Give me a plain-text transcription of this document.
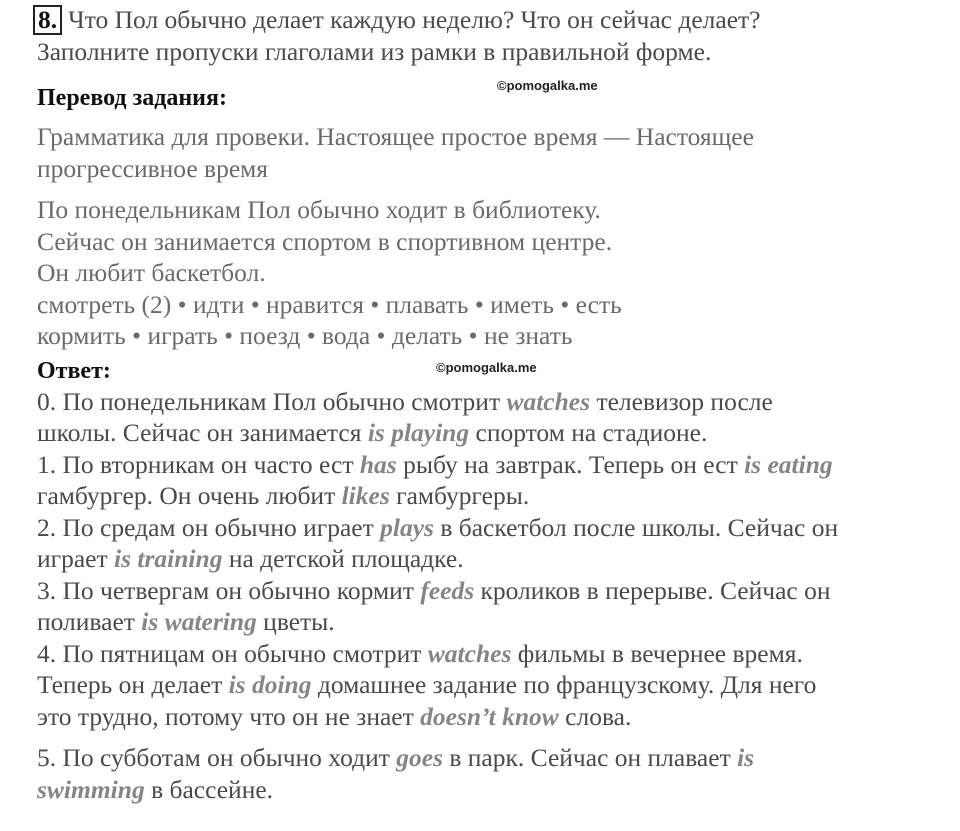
8. Что Пол обычно делает каждую неделю? Что он сейчас делает?
Заполните пропуски глаголами из рамки в правильной форме.
Перевод задания:
Грамматика для провеки. Настоящее простое время — Настоящее
прогрессивное время
По понедельникам Пол обычно ходит в библиотеку.
Сейчас он занимается спортом в спортивном центре.
Он любит баскетбол.
смотреть (2) • идти • нравится • плавать • иметь • есть
кормить • играть • поезд • вода • делать • не знать
Ответ:
0. По понедельникам Пол обычно смотрит watches телевизор после
школы. Сейчас он занимается is playing спортом на стадионе.
1. По вторникам он часто ест has рыбу на завтрак. Теперь он ест is eating
гамбургер. Он очень любит likes гамбургеры.
2. По средам он обычно играет plays в баскетбол после школы. Сейчас он
играет is training на детской площадке.
3. По четвергам он обычно кормит feeds кроликов в перерыве. Сейчас он
поливает is watering цветы.
4. По пятницам он обычно смотрит watches фильмы в вечернее время.
Теперь он делает is doing домашнее задание по французскому. Для него
это трудно, потому что он не знает doesn’t know слова.
5. По субботам он обычно ходит goes в парк. Сейчас он плавает is
swimming в бассейне.
©pomogalka.me
©pomogalka.me
